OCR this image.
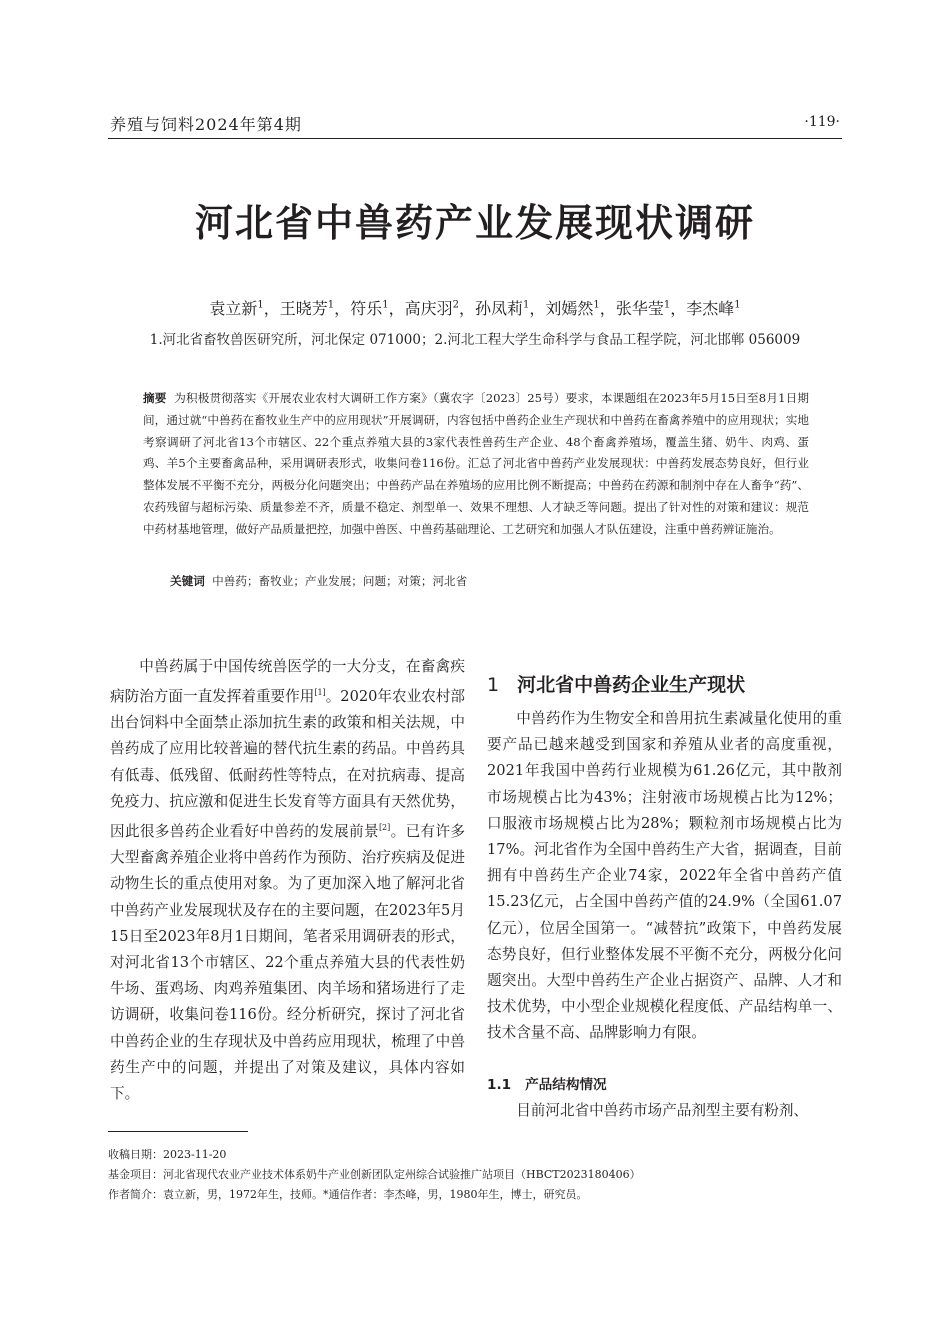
养殖与饲料2024年第4期	·119·
河北省中兽药产业发展现状调研
袁立新$^1$，王晓芳$^1$，符乐$^1$，高庆羽$^2$，孙凤莉$^1$，刘嫣然$^1$，张华莹$^1$，李杰峰$^1$
1.河北省畜牧兽医研究所，河北保定 071000；2.河北工程大学生命科学与食品工程学院，河北邯郸 056009
摘要 为积极贯彻落实《开展农业农村大调研工作方案》（冀农字〔2023〕25号）要求，本课题组在2023年5月15日至8月1日期间，通过就“中兽药在畜牧业生产中的应用现状”开展调研，内容包括中兽药企业生产现状和中兽药在畜禽养殖中的应用现状；实地考察调研了河北省13个市辖区、22个重点养殖大县的3家代表性兽药生产企业、48个畜禽养殖场，覆盖生猪、奶牛、肉鸡、蛋鸡、羊5个主要畜禽品种，采用调研表形式，收集问卷116份。汇总了河北省中兽药产业发展现状：中兽药发展态势良好，但行业整体发展不平衡不充分，两极分化问题突出；中兽药产品在养殖场的应用比例不断提高；中兽药在药源和制剂中存在人畜争“药”、农药残留与超标污染、质量参差不齐，质量不稳定、剂型单一、效果不理想、人才缺乏等问题。提出了针对性的对策和建议：规范中药材基地管理，做好产品质量把控，加强中兽医、中兽药基础理论、工艺研究和加强人才队伍建设，注重中兽药辨证施治。
关键词 中兽药；畜牧业；产业发展；问题；对策；河北省
中兽药属于中国传统兽医学的一大分支，在畜禽疾病防治方面一直发挥着重要作用[1]。2020年农业农村部出台饲料中全面禁止添加抗生素的政策和相关法规，中兽药成了应用比较普遍的替代抗生素的药品。中兽药具有低毒、低残留、低耐药性等特点，在对抗病毒、提高免疫力、抗应激和促进生长发育等方面具有天然优势，因此很多兽药企业看好中兽药的发展前景[2]。已有许多大型畜禽养殖企业将中兽药作为预防、治疗疾病及促进动物生长的重点使用对象。为了更加深入地了解河北省中兽药产业发展现状及存在的主要问题，在2023年5月15日至2023年8月1日期间，笔者采用调研表的形式，对河北省13个市辖区、22个重点养殖大县的代表性奶牛场、蛋鸡场、肉鸡养殖集团、肉羊场和猪场进行了走访调研，收集问卷116份。经分析研究，探讨了河北省中兽药企业的生存现状及中兽药应用现状，梳理了中兽药生产中的问题，并提出了对策及建议，具体内容如下。
1 河北省中兽药企业生产现状
中兽药作为生物安全和兽用抗生素减量化使用的重要产品已越来越受到国家和养殖从业者的高度重视，2021年我国中兽药行业规模为61.26亿元，其中散剂市场规模占比为43%；注射液市场规模占比为12%；口服液市场规模占比为28%；颗粒剂市场规模占比为17%。河北省作为全国中兽药生产大省，据调查，目前拥有中兽药生产企业74家，2022年全省中兽药产值15.23亿元，占全国中兽药产值的24.9%（全国61.07亿元），位居全国第一。“减替抗”政策下，中兽药发展态势良好，但行业整体发展不平衡不充分，两极分化问题突出。大型中兽药生产企业占据资产、品牌、人才和技术优势，中小型企业规模化程度低、产品结构单一、技术含量不高、品牌影响力有限。
1.1 产品结构情况
目前河北省中兽药市场产品剂型主要有粉剂、
收稿日期：2023-11-20
基金项目：河北省现代农业产业技术体系奶牛产业创新团队定州综合试验推广站项目（HBCT2023180406）
作者简介：袁立新，男，1972年生，技师。*通信作者：李杰峰，男，1980年生，博士，研究员。
